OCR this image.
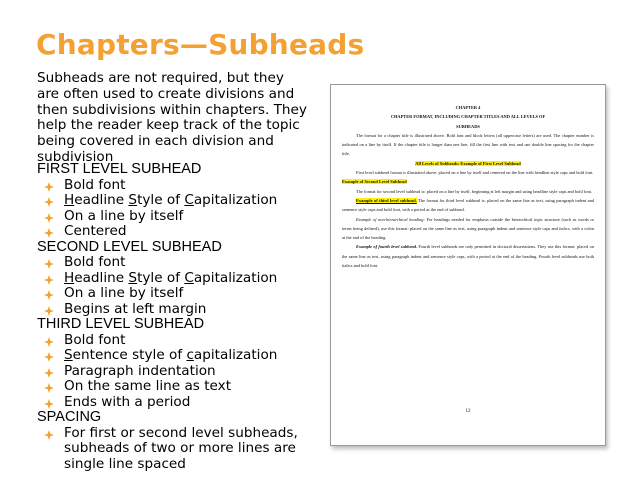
Chapters—Subheads

Subheads are not required, but they are often used to create divisions and then subdivisions within chapters. They help the reader keep track of the topic being covered in each division and subdivision

FIRST LEVEL SUBHEAD
Bold font
Headline Style of Capitalization
On a line by itself
Centered
SECOND LEVEL SUBHEAD
Bold font
Headline Style of Capitalization
On a line by itself
Begins at left margin
THIRD LEVEL SUBHEAD
Bold font
Sentence style of capitalization
Paragraph indentation
On the same line as text
Ends with a period
SPACING
For first or second level subheads, subheads of two or more lines are single line spaced
CHAPTER 4
CHAPTER FORMAT, INCLUDING CHAPTER TITLES AND ALL LEVELS OF
SUBHEADS

The format for a chapter title is illustrated above. Bold font and block letters (all uppercase letters) are used. The chapter number is indicated on a line by itself. If the chapter title is longer than one line, fill the first line with text and use double line spacing for the chapter title.

All Levels of Subheads: Example of First Level Subhead

First level subhead format is illustrated above: placed on a line by itself and centered on the line with headline style caps and bold font.

Example of Second Level Subhead

The format for second level subhead is: placed on a line by itself, beginning at left margin and using headline style caps and bold font.

Example of third level subhead. The format for third level subhead is: placed on the same line as text, using paragraph indent and sentence style caps and bold font, with a period at the end of subhead.

Example of non-hierarchical heading: For headings needed for emphasis outside the hierarchical topic structure (such as words or terms being defined), use this format: placed on the same line as text, using paragraph indent and sentence style caps and italics, with a colon at the end of the heading.

Example of fourth level subhead. Fourth level subheads are only permitted in doctoral dissertations. They use this format: placed on the same line as text, using paragraph indent and sentence style caps, with a period at the end of the heading. Fourth level subheads use both italics and bold font.

12
